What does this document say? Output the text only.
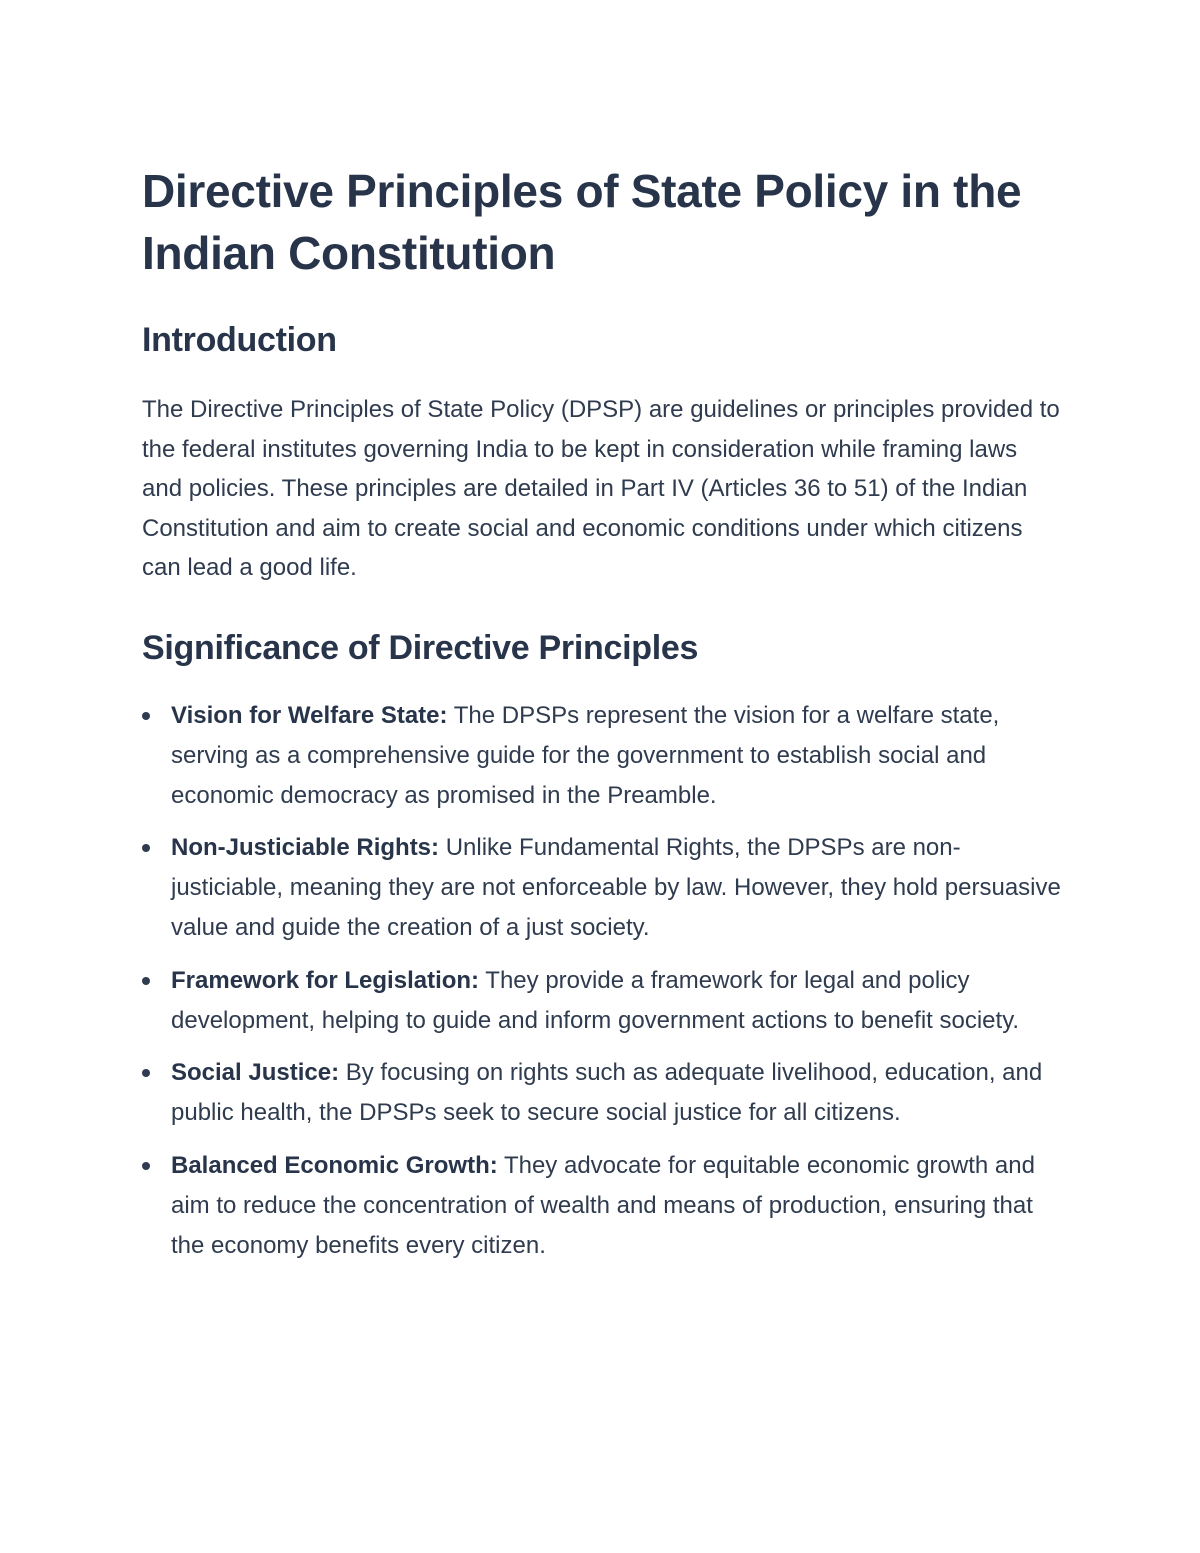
Directive Principles of State Policy in the Indian Constitution
Introduction

The Directive Principles of State Policy (DPSP) are guidelines or principles provided to the federal institutes governing India to be kept in consideration while framing laws and policies. These principles are detailed in Part IV (Articles 36 to 51) of the Indian Constitution and aim to create social and economic conditions under which citizens can lead a good life.

Significance of Directive Principles
Vision for Welfare State: The DPSPs represent the vision for a welfare state, serving as a comprehensive guide for the government to establish social and economic democracy as promised in the Preamble.
Non-Justiciable Rights: Unlike Fundamental Rights, the DPSPs are non-justiciable, meaning they are not enforceable by law. However, they hold persuasive value and guide the creation of a just society.
Framework for Legislation: They provide a framework for legal and policy development, helping to guide and inform government actions to benefit society.
Social Justice: By focusing on rights such as adequate livelihood, education, and public health, the DPSPs seek to secure social justice for all citizens.
Balanced Economic Growth: They advocate for equitable economic growth and aim to reduce the concentration of wealth and means of production, ensuring that the economy benefits every citizen.
